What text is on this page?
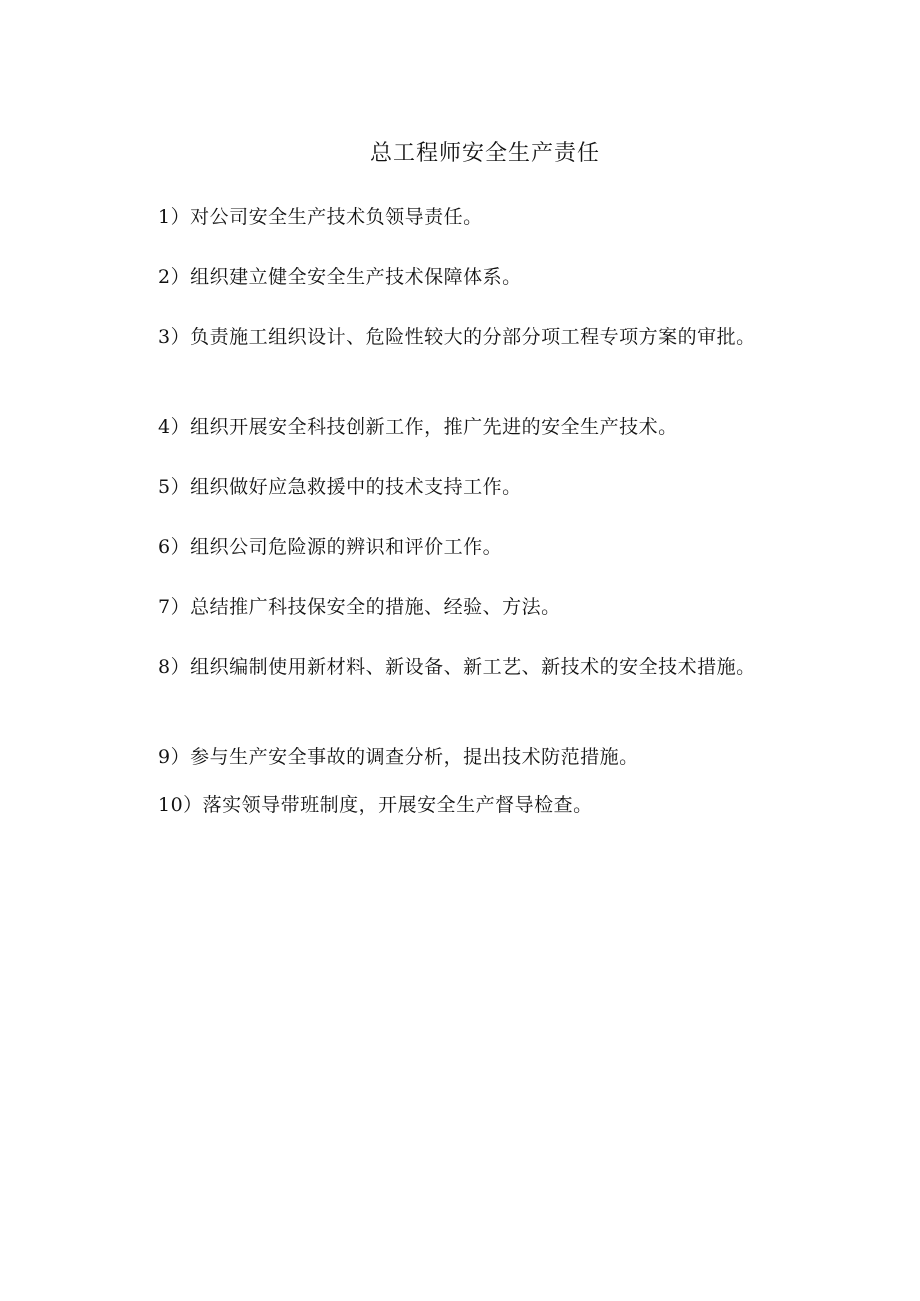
总工程师安全生产责任

1）对公司安全生产技术负领导责任。

2）组织建立健全安全生产技术保障体系。

3）负责施工组织设计、危险性较大的分部分项工程专项方案的审批。

4）组织开展安全科技创新工作，推广先进的安全生产技术。

5）组织做好应急救援中的技术支持工作。

6）组织公司危险源的辨识和评价工作。

7）总结推广科技保安全的措施、经验、方法。

8）组织编制使用新材料、新设备、新工艺、新技术的安全技术措施。

9）参与生产安全事故的调查分析，提出技术防范措施。

10）落实领导带班制度，开展安全生产督导检查。
